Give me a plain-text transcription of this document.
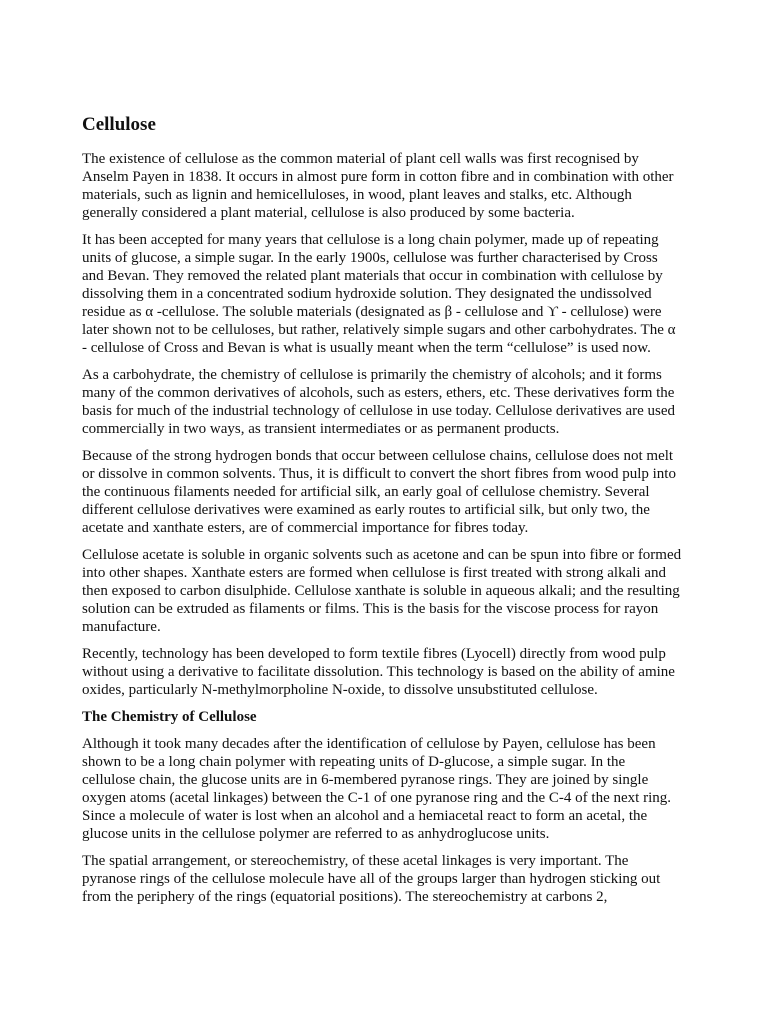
Cellulose

The existence of cellulose as the common material of plant cell walls was first recognised by Anselm Payen in 1838. It occurs in almost pure form in cotton fibre and in combination with other materials, such as lignin and hemicelluloses, in wood, plant leaves and stalks, etc. Although generally considered a plant material, cellulose is also produced by some bacteria.

It has been accepted for many years that cellulose is a long chain polymer, made up of repeating units of glucose, a simple sugar. In the early 1900s, cellulose was further characterised by Cross and Bevan. They removed the related plant materials that occur in combination with cellulose by dissolving them in a concentrated sodium hydroxide solution. They designated the undissolved residue as α -cellulose. The soluble materials (designated as β - cellulose and ϒ - cellulose) were later shown not to be celluloses, but rather, relatively simple sugars and other carbohydrates. The α - cellulose of Cross and Bevan is what is usually meant when the term “cellulose” is used now.

As a carbohydrate, the chemistry of cellulose is primarily the chemistry of alcohols; and it forms many of the common derivatives of alcohols, such as esters, ethers, etc. These derivatives form the basis for much of the industrial technology of cellulose in use today. Cellulose derivatives are used commercially in two ways, as transient intermediates or as permanent products.

Because of the strong hydrogen bonds that occur between cellulose chains, cellulose does not melt or dissolve in common solvents. Thus, it is difficult to convert the short fibres from wood pulp into the continuous filaments needed for artificial silk, an early goal of cellulose chemistry. Several different cellulose derivatives were examined as early routes to artificial silk, but only two, the acetate and xanthate esters, are of commercial importance for fibres today.

Cellulose acetate is soluble in organic solvents such as acetone and can be spun into fibre or formed into other shapes. Xanthate esters are formed when cellulose is first treated with strong alkali and then exposed to carbon disulphide. Cellulose xanthate is soluble in aqueous alkali; and the resulting solution can be extruded as filaments or films. This is the basis for the viscose process for rayon manufacture.

Recently, technology has been developed to form textile fibres (Lyocell) directly from wood pulp without using a derivative to facilitate dissolution. This technology is based on the ability of amine oxides, particularly N-methylmorpholine N-oxide, to dissolve unsubstituted cellulose.

The Chemistry of Cellulose

Although it took many decades after the identification of cellulose by Payen, cellulose has been shown to be a long chain polymer with repeating units of D-glucose, a simple sugar. In the cellulose chain, the glucose units are in 6-membered pyranose rings. They are joined by single oxygen atoms (acetal linkages) between the C-1 of one pyranose ring and the C-4 of the next ring. Since a molecule of water is lost when an alcohol and a hemiacetal react to form an acetal, the glucose units in the cellulose polymer are referred to as anhydroglucose units.

The spatial arrangement, or stereochemistry, of these acetal linkages is very important. The pyranose rings of the cellulose molecule have all of the groups larger than hydrogen sticking out from the periphery of the rings (equatorial positions). The stereochemistry at carbons 2,
